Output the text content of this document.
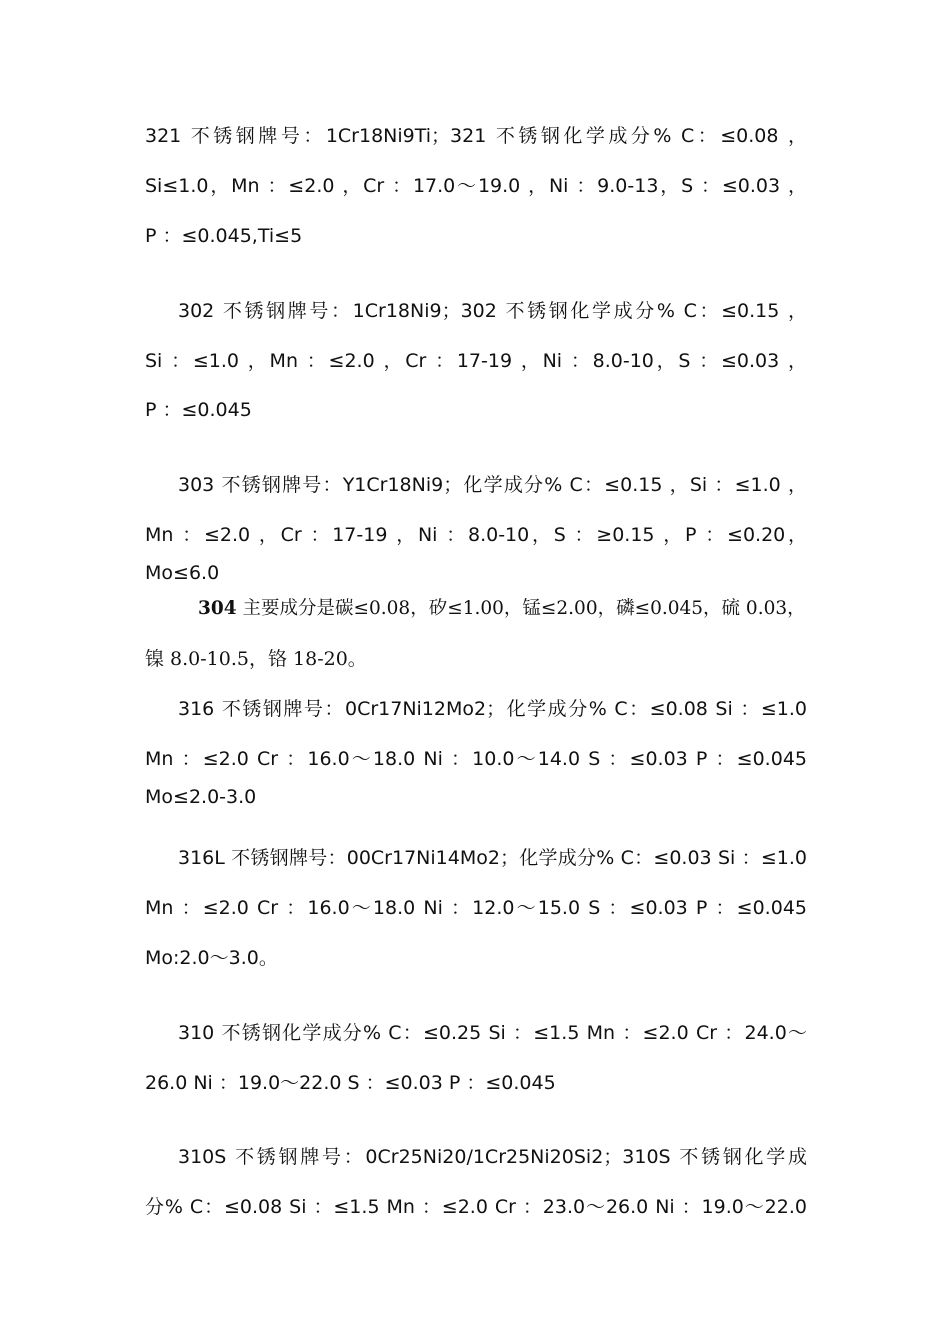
321 不锈钢牌号：1Cr18Ni9Ti；321 不锈钢化学成分% C：≤0.08 ，
Si≤1.0，Mn ：≤2.0 ，Cr ：17.0～19.0 ，Ni ：9.0-13，S ：≤0.03 ，
P ：≤0.045,Ti≤5
302 不锈钢牌号：1Cr18Ni9；302 不锈钢化学成分% C：≤0.15 ，
Si ：≤1.0 ，Mn ：≤2.0 ，Cr ：17-19 ，Ni ：8.0-10，S ：≤0.03 ，
P ：≤0.045
303 不锈钢牌号：Y1Cr18Ni9；化学成分% C：≤0.15 ，Si ：≤1.0 ，
Mn ：≤2.0 ，Cr ：17-19 ，Ni ：8.0-10，S ：≥0.15 ，P ：≤0.20，
Mo≤6.0
304 主要成分是碳≤0.08，矽≤1.00，锰≤2.00，磷≤0.045，硫 0.03，
镍 8.0-10.5，铬 18-20。
316 不锈钢牌号：0Cr17Ni12Mo2；化学成分% C：≤0.08 Si ：≤1.0
Mn ：≤2.0 Cr ：16.0～18.0 Ni ：10.0～14.0 S ：≤0.03 P ：≤0.045
Mo≤2.0-3.0
316L 不锈钢牌号：00Cr17Ni14Mo2；化学成分% C：≤0.03 Si ：≤1.0
Mn ：≤2.0 Cr ：16.0～18.0 Ni ：12.0～15.0 S ：≤0.03 P ：≤0.045
Mo:2.0～3.0。
310 不锈钢化学成分% C：≤0.25 Si ：≤1.5 Mn ：≤2.0 Cr ：24.0～
26.0 Ni ：19.0～22.0 S ：≤0.03 P ：≤0.045
310S 不锈钢牌号：0Cr25Ni20/1Cr25Ni20Si2；310S 不锈钢化学成
分% C：≤0.08 Si ：≤1.5 Mn ：≤2.0 Cr ：23.0～26.0 Ni ：19.0～22.0
